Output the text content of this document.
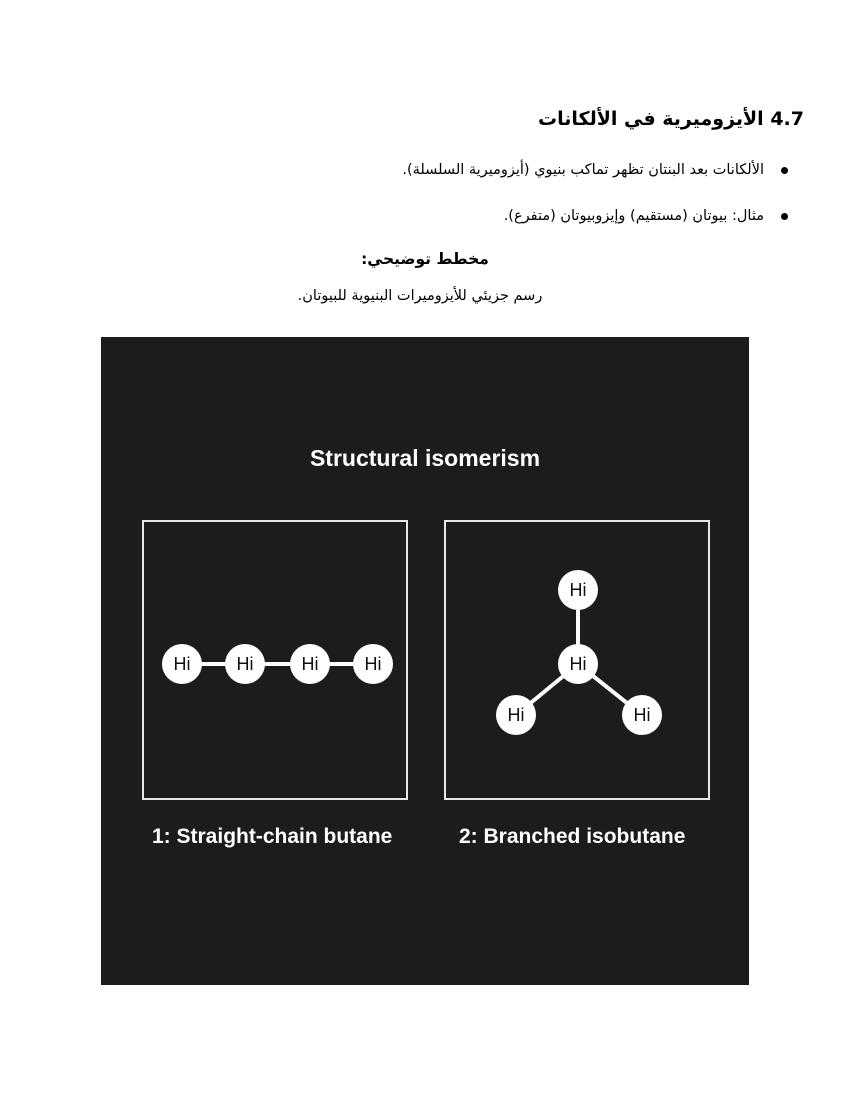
4.7 الأيزوميرية في الألكانات
الألكانات بعد البنتان تظهر تماكب بنيوي (أيزوميرية السلسلة).
مثال: بيوتان (مستقيم) وإيزوبيوتان (متفرع).
مخطط توضيحي:
رسم جزيئي للأيزوميرات البنيوية للبيوتان.
Structural isomerism
Hi	Hi	Hi	Hi
Hi
Hi
Hi	Hi
1: Straight-chain butane	2: Branched isobutane
